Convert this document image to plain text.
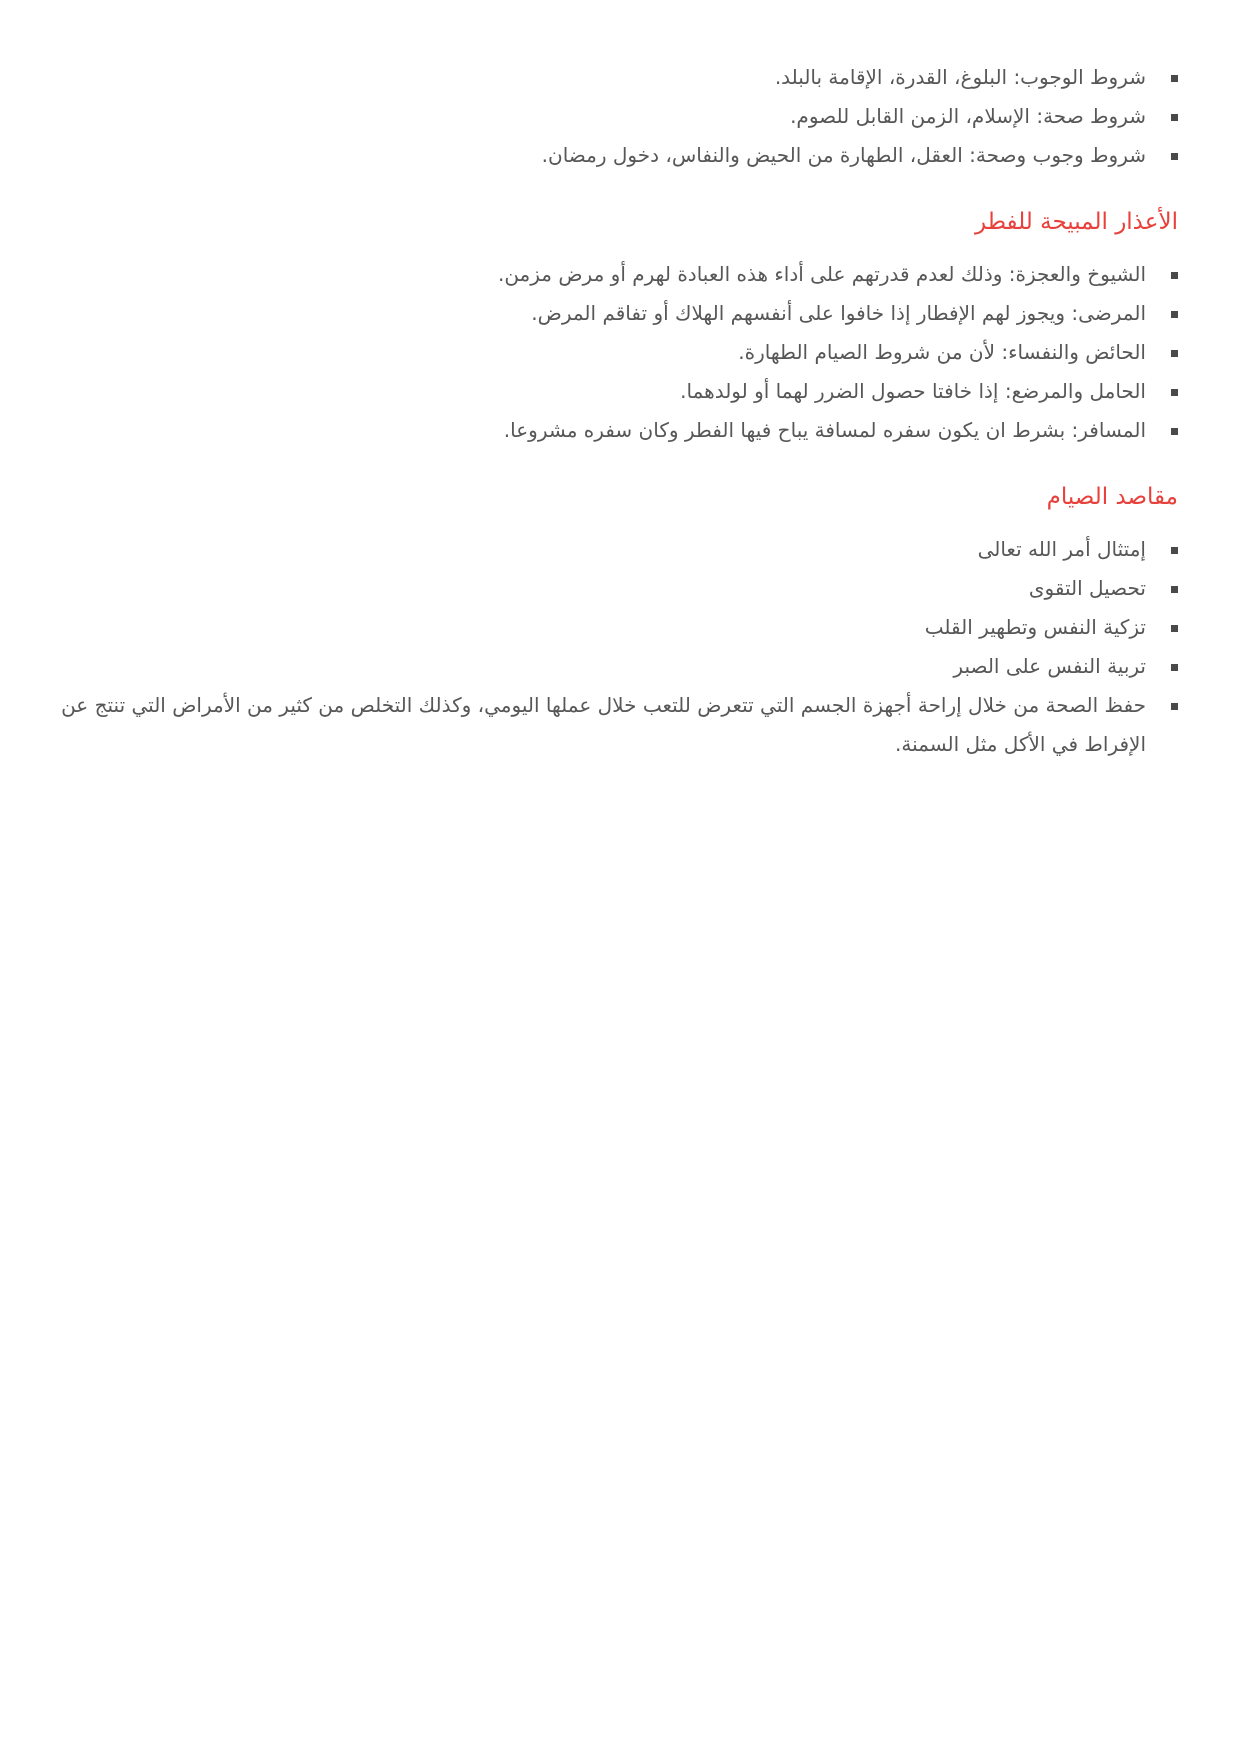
شروط الوجوب: البلوغ، القدرة، الإقامة بالبلد.
شروط صحة: الإسلام، الزمن القابل للصوم.
شروط وجوب وصحة: العقل، الطهارة من الحيض والنفاس، دخول رمضان.
الأعذار المبيحة للفطر
الشيوخ والعجزة: وذلك لعدم قدرتهم على أداء هذه العبادة لهرم أو مرض مزمن.
المرضى: ويجوز لهم الإفطار إذا خافوا على أنفسهم الهلاك أو تفاقم المرض.
الحائض والنفساء: لأن من شروط الصيام الطهارة.
الحامل والمرضع: إذا خافتا حصول الضرر لهما أو لولدهما.
المسافر: بشرط ان يكون سفره لمسافة يباح فيها الفطر وكان سفره مشروعا.
مقاصد الصيام
إمتثال أمر الله تعالى
تحصيل التقوى
تزكية النفس وتطهير القلب
تربية النفس على الصبر
حفظ الصحة من خلال إراحة أجهزة الجسم التي تتعرض للتعب خلال عملها اليومي، وكذلك التخلص من كثير من الأمراض التي تنتج عن الإفراط في الأكل مثل السمنة.
